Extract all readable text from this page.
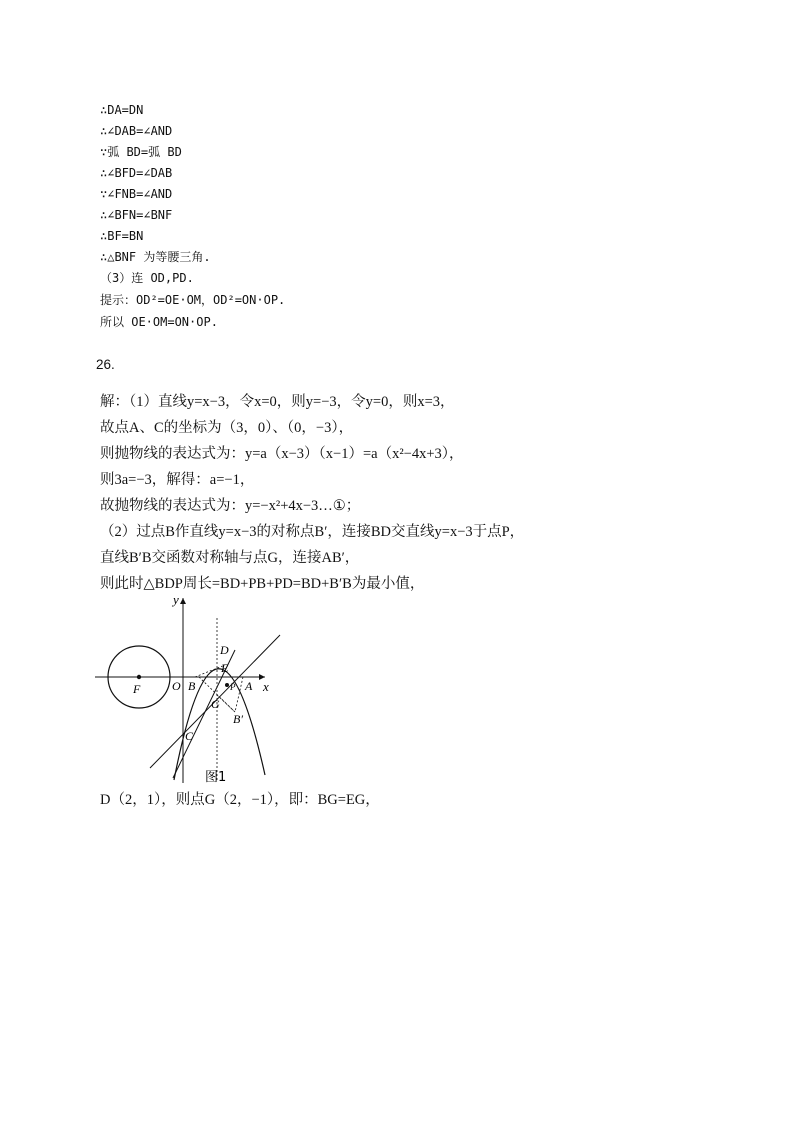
∴DA=DN
∴∠DAB=∠AND
∵弧 BD=弧 BD
∴∠BFD=∠DAB
∵∠FNB=∠AND
∴∠BFN=∠BNF
∴BF=BN
∴△BNF 为等腰三角.
（3）连 OD,PD.
提示：OD²=OE·OM，OD²=ON·OP.
所以 OE·OM=ON·OP.
26.
解：（1）直线y=x−3，令x=0，则y=−3，令y=0，则x=3，
故点A、C的坐标为（3，0）、（0，−3），
则抛物线的表达式为：y=a（x−3）（x−1）=a（x²−4x+3），
则3a=−3，解得：a=−1，
故抛物线的表达式为：y=−x²+4x−3…①；
（2）过点B作直线y=x−3的对称点B′，连接BD交直线y=x−3于点P，
直线B′B交函数对称轴与点G，连接AB′，
则此时△BDP周长=BD+PB+PD=BD+B′B为最小值，
y
x
O B	A
D
E
P
G
B′
C
F
图1
D（2，1），则点G（2，−1），即：BG=EG，
